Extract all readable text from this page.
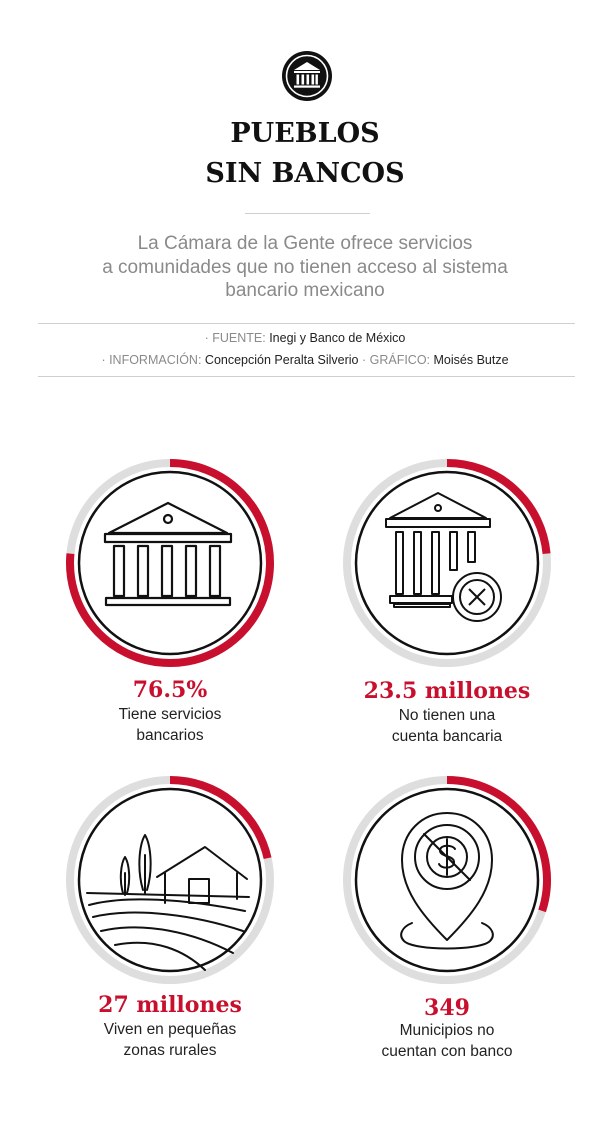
PUEBLOS
SIN BANCOS
La Cámara de la Gente ofrece servicios
a comunidades que no tienen acceso al sistema
bancario mexicano
· FUENTE: Inegi y Banco de México
· INFORMACIÓN: Concepción Peralta Silverio · GRÁFICO: Moisés Butze
76.5%
Tiene servicios
bancarios
23.5 millones
No tienen una
cuenta bancaria
27 millones
Viven en pequeñas
zonas rurales
349
Municipios no
cuentan con banco
